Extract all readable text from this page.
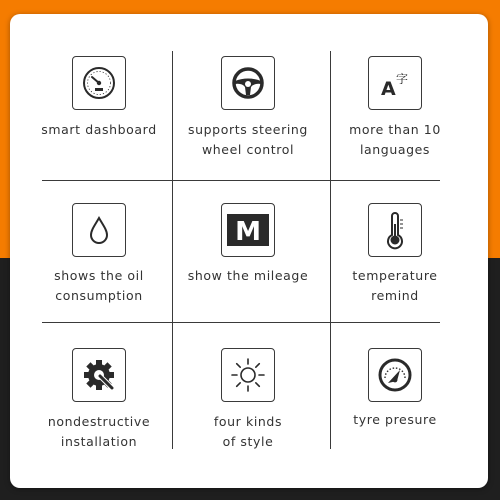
smart dashboard	supports steering
wheel control
A 字
more than 10
languages
shows the oil
consumption
M
show the mileage	temperature
remind
nondestructive
installation
four kinds
of style
tyre presure
